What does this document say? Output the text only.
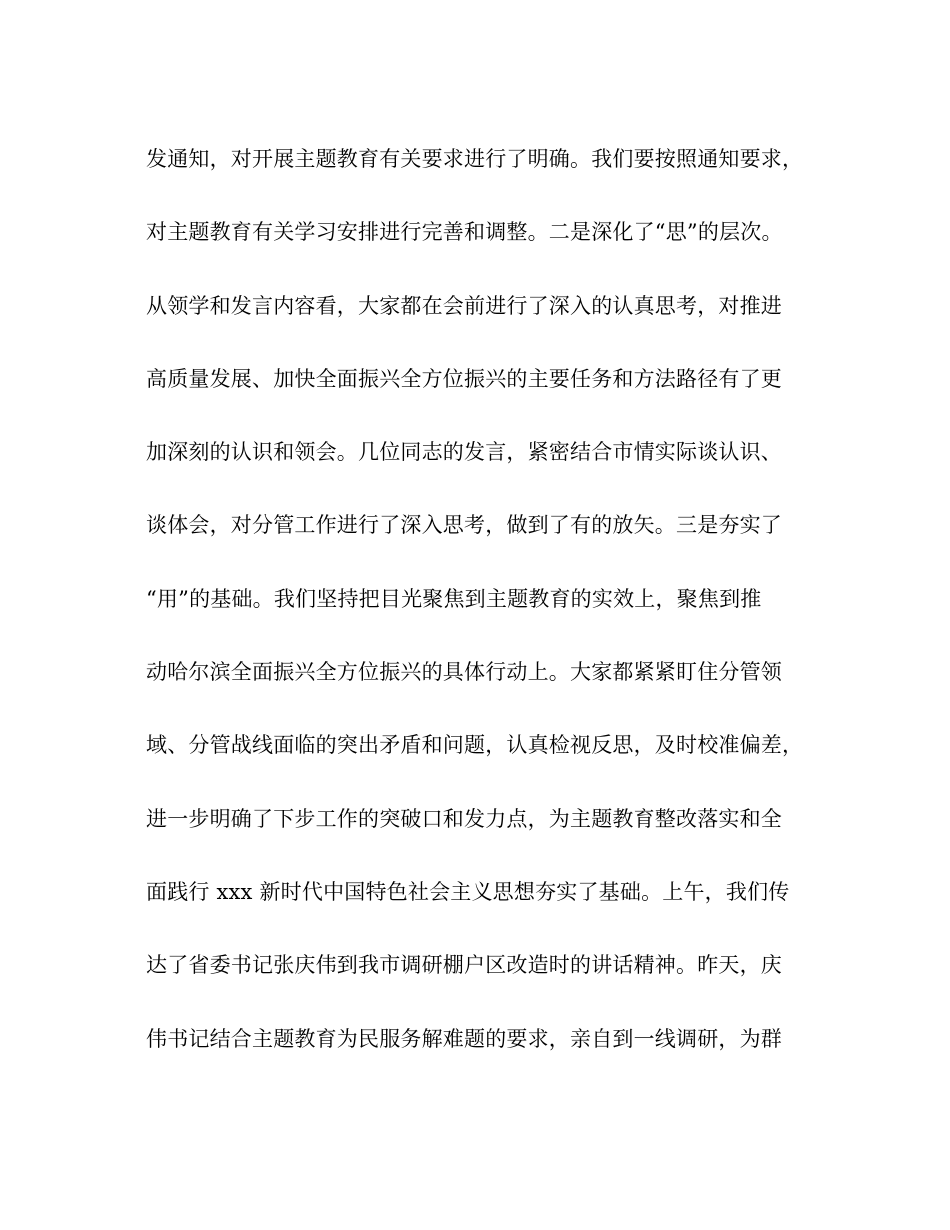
发通知，对开展主题教育有关要求进行了明确。我们要按照通知要求，
对主题教育有关学习安排进行完善和调整。二是深化了“思”的层次。
从领学和发言内容看，大家都在会前进行了深入的认真思考，对推进
高质量发展、加快全面振兴全方位振兴的主要任务和方法路径有了更
加深刻的认识和领会。几位同志的发言，紧密结合市情实际谈认识、
谈体会，对分管工作进行了深入思考，做到了有的放矢。三是夯实了
“用”的基础。我们坚持把目光聚焦到主题教育的实效上，聚焦到推
动哈尔滨全面振兴全方位振兴的具体行动上。大家都紧紧盯住分管领
域、分管战线面临的突出矛盾和问题，认真检视反思，及时校准偏差，
进一步明确了下步工作的突破口和发力点，为主题教育整改落实和全
面践行 xxx 新时代中国特色社会主义思想夯实了基础。上午，我们传
达了省委书记张庆伟到我市调研棚户区改造时的讲话精神。昨天，庆
伟书记结合主题教育为民服务解难题的要求，亲自到一线调研，为群
